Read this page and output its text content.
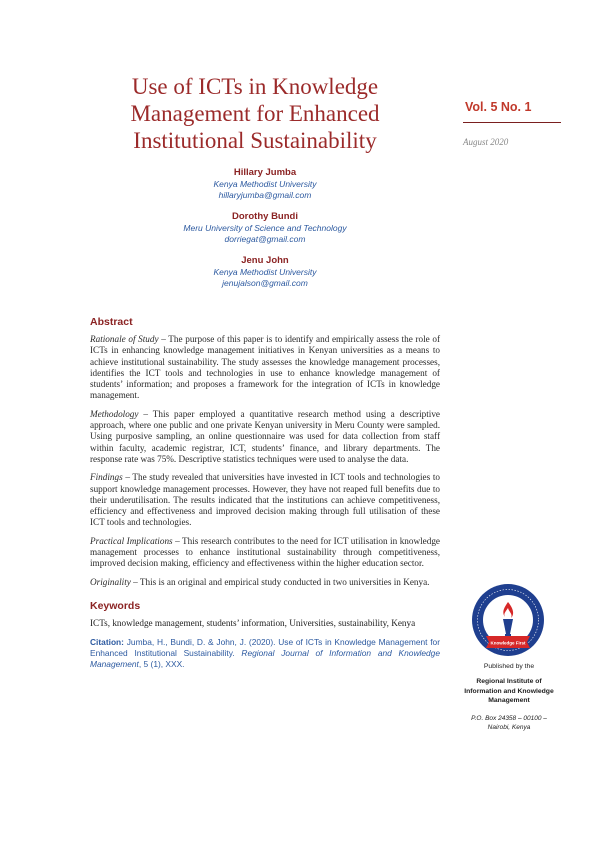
Use of ICTs in Knowledge
Management for Enhanced
Institutional Sustainability
Vol. 5 No. 1
August 2020
Hillary Jumba
Kenya Methodist University
hillaryjumba@gmail.com
Dorothy Bundi
Meru University of Science and Technology
dorriegat@gmail.com
Jenu John
Kenya Methodist University
jenujalson@gmail.com
Abstract

Rationale of Study – The purpose of this paper is to identify and empirically assess the role of ICTs in enhancing knowledge management initiatives in Kenyan universities as a means to achieve institutional sustainability. The study assesses the knowledge management processes, identifies the ICT tools and technologies in use to enhance knowledge management of students’ information; and proposes a framework for the integration of ICTs in knowledge management.

Methodology – This paper employed a quantitative research method using a descriptive approach, where one public and one private Kenyan university in Meru County were sampled. Using purposive sampling, an online questionnaire was used for data collection from staff within faculty, academic registrar, ICT, students’ finance, and library departments. The response rate was 75%. Descriptive statistics techniques were used to analyse the data.

Findings – The study revealed that universities have invested in ICT tools and technologies to support knowledge management processes. However, they have not reaped full benefits due to their underutilisation. The results indicated that the institutions can achieve competitiveness, efficiency and effectiveness and improved decision making through full utilisation of these ICT tools and technologies.

Practical Implications – This research contributes to the need for ICT utilisation in knowledge management processes to enhance institutional sustainability through competitiveness, improved decision making, efficiency and effectiveness within the higher education sector.

Originality – This is an original and empirical study conducted in two universities in Kenya.

Keywords

ICTs, knowledge management, students’ information, Universities, sustainability, Kenya

Citation: Jumba, H., Bundi, D. & John, J. (2020). Use of ICTs in Knowledge Management for Enhanced Institutional Sustainability. Regional Journal of Information and Knowledge Management, 5 (1), XXX.

Knowledge First
Published by the
Regional Institute of
Information and Knowledge
Management
P.O. Box 24358 – 00100 –
Nairobi, Kenya
